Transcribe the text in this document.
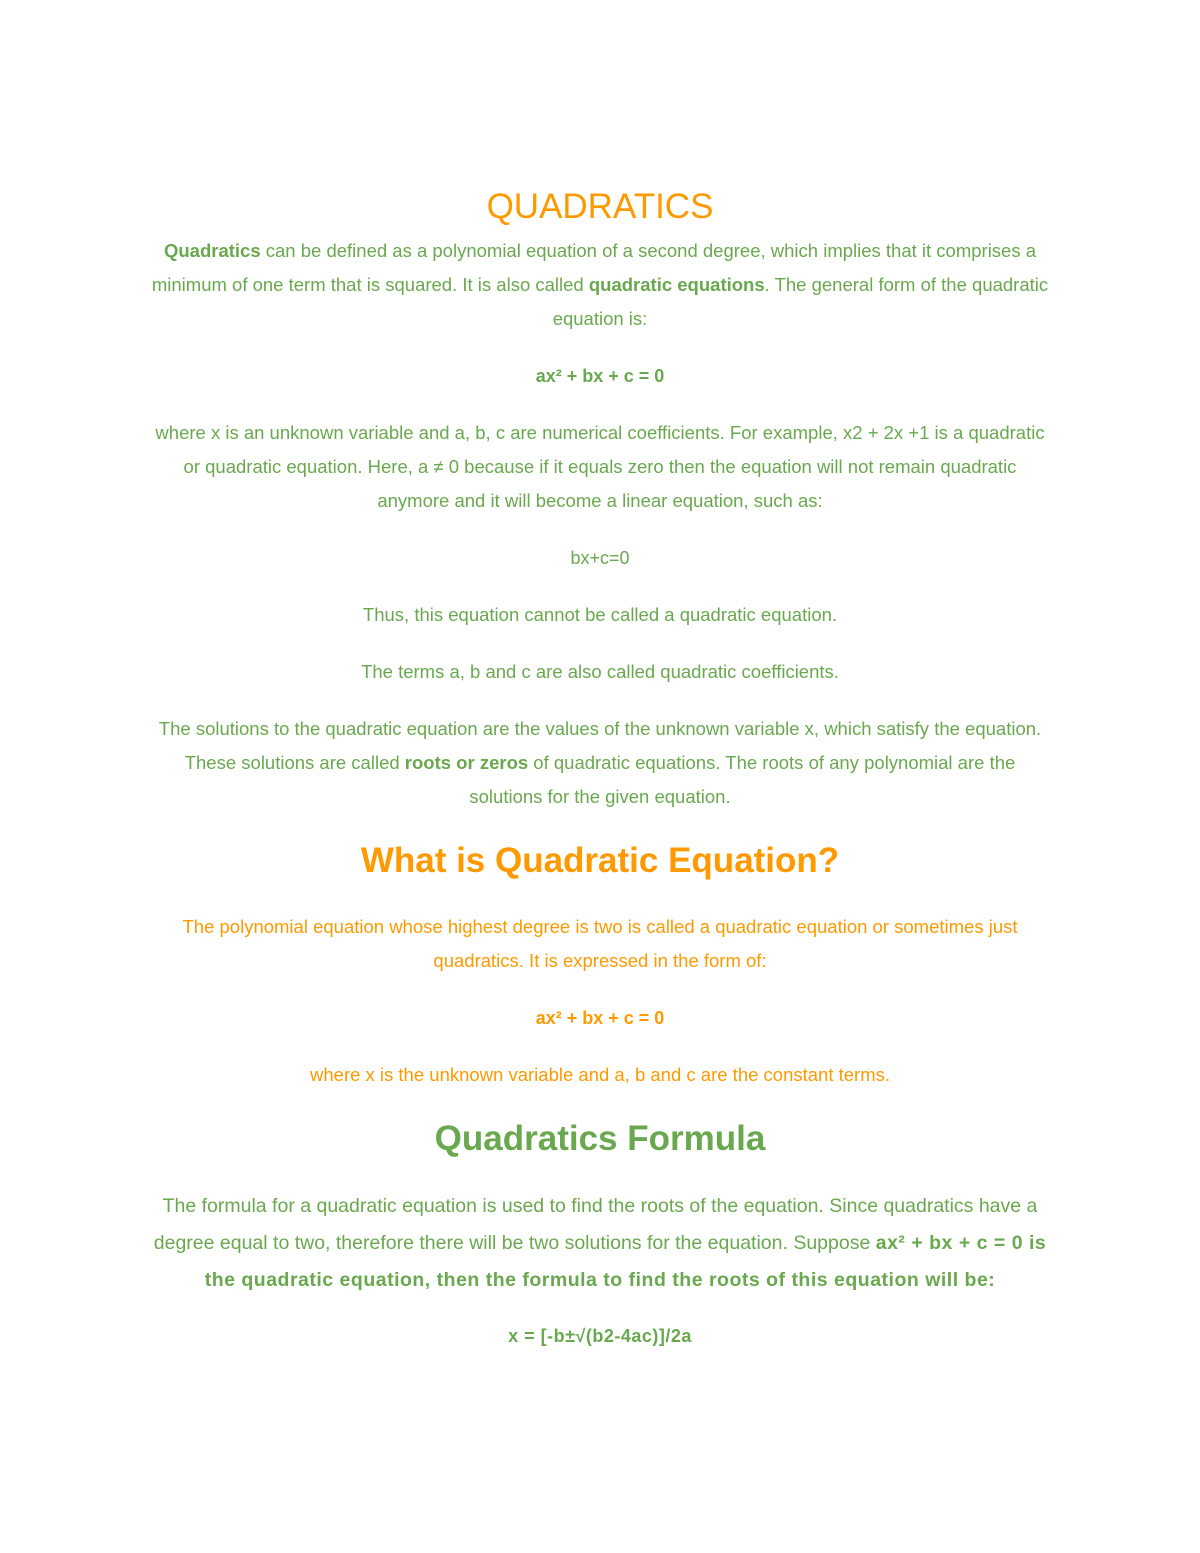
QUADRATICS

Quadratics can be defined as a polynomial equation of a second degree, which implies that it comprises a minimum of one term that is squared. It is also called quadratic equations. The general form of the quadratic equation is:

ax² + bx + c = 0

where x is an unknown variable and a, b, c are numerical coefficients. For example, x2 + 2x +1 is a quadratic or quadratic equation. Here, a ≠ 0 because if it equals zero then the equation will not remain quadratic anymore and it will become a linear equation, such as:

bx+c=0

Thus, this equation cannot be called a quadratic equation.

The terms a, b and c are also called quadratic coefficients.

The solutions to the quadratic equation are the values of the unknown variable x, which satisfy the equation. These solutions are called roots or zeros of quadratic equations. The roots of any polynomial are the solutions for the given equation.

What is Quadratic Equation?

The polynomial equation whose highest degree is two is called a quadratic equation or sometimes just quadratics. It is expressed in the form of:

ax² + bx + c = 0

where x is the unknown variable and a, b and c are the constant terms.

Quadratics Formula

The formula for a quadratic equation is used to find the roots of the equation. Since quadratics have a degree equal to two, therefore there will be two solutions for the equation. Suppose ax² + bx + c = 0 is the quadratic equation, then the formula to find the roots of this equation will be:

x = [-b±√(b2-4ac)]/2a
